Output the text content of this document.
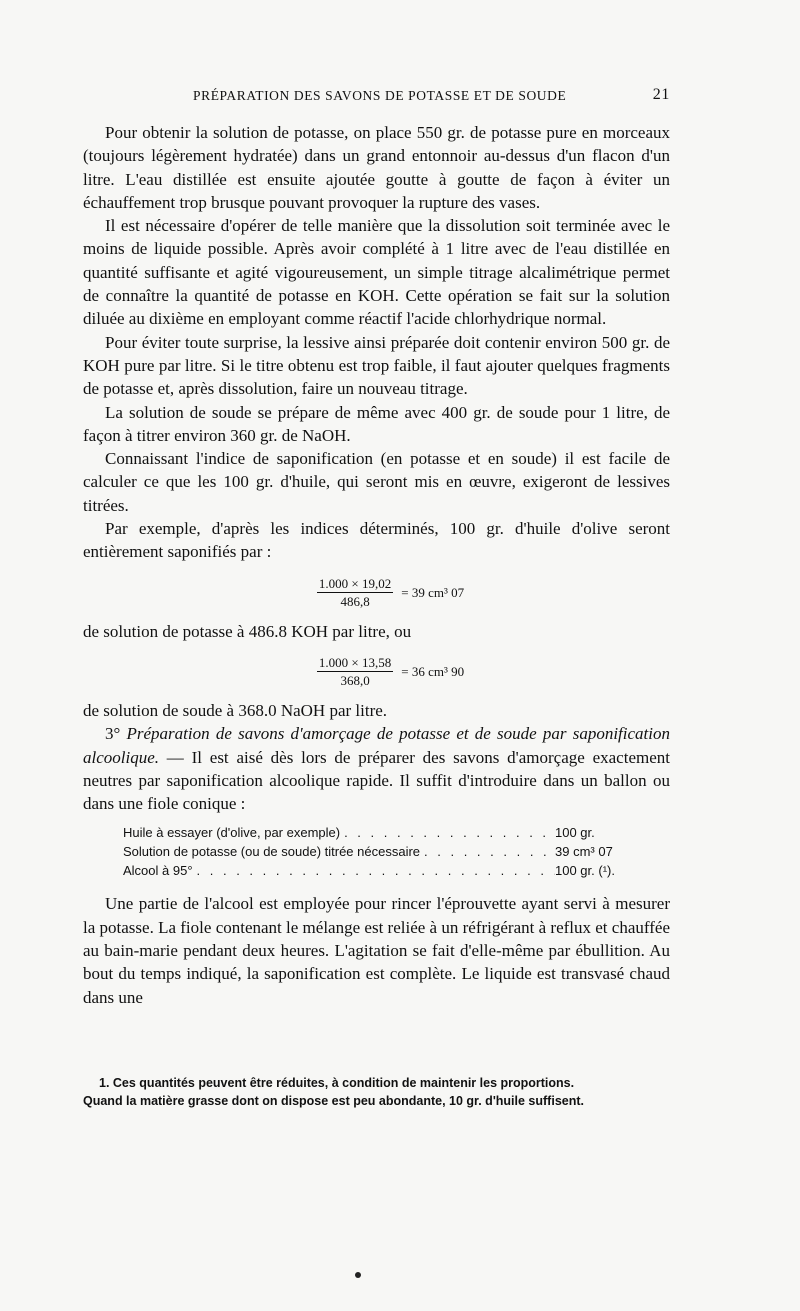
PRÉPARATION DES SAVONS DE POTASSE ET DE SOUDE	21

Pour obtenir la solution de potasse, on place 550 gr. de potasse pure en morceaux (toujours légèrement hydratée) dans un grand entonnoir au-dessus d'un flacon d'un litre. L'eau distillée est ensuite ajoutée goutte à goutte de façon à éviter un échauffement trop brusque pouvant provoquer la rupture des vases.

Il est nécessaire d'opérer de telle manière que la dissolution soit terminée avec le moins de liquide possible. Après avoir complété à 1 litre avec de l'eau distillée en quantité suffisante et agité vigoureusement, un simple titrage alcalimétrique permet de connaître la quantité de potasse en KOH. Cette opération se fait sur la solution diluée au dixième en employant comme réactif l'acide chlorhydrique normal.

Pour éviter toute surprise, la lessive ainsi préparée doit contenir environ 500 gr. de KOH pure par litre. Si le titre obtenu est trop faible, il faut ajouter quelques fragments de potasse et, après dissolution, faire un nouveau titrage.

La solution de soude se prépare de même avec 400 gr. de soude pour 1 litre, de façon à titrer environ 360 gr. de NaOH.

Connaissant l'indice de saponification (en potasse et en soude) il est facile de calculer ce que les 100 gr. d'huile, qui seront mis en œuvre, exigeront de lessives titrées.

Par exemple, d'après les indices déterminés, 100 gr. d'huile d'olive seront entièrement saponifiés par :

$\frac{1.000 \times 19,02}{486,8} = 39$ cm³ 07

de solution de potasse à 486.8 KOH par litre, ou

$\frac{1.000 \times 13,58}{368,0} = 36$ cm³ 90

de solution de soude à 368.0 NaOH par litre.

3° Préparation de savons d'amorçage de potasse et de soude par saponification alcoolique. — Il est aisé dès lors de préparer des savons d'amorçage exactement neutres par saponification alcoolique rapide. Il suffit d'introduire dans un ballon ou dans une fiole conique :

Huile à essayer (d'olive, par exemple) . . .	100 gr.
Solution de potasse (ou de soude) titrée nécessaire . . .	39 cm³ 07
Alcool à 95° . . .	100 gr. (¹).

Une partie de l'alcool est employée pour rincer l'éprouvette ayant servi à mesurer la potasse. La fiole contenant le mélange est reliée à un réfrigérant à reflux et chauffée au bain-marie pendant deux heures. L'agitation se fait d'elle-même par ébullition. Au bout du temps indiqué, la saponification est complète. Le liquide est transvasé chaud dans une

1. Ces quantités peuvent être réduites, à condition de maintenir les proportions.

Quand la matière grasse dont on dispose est peu abondante, 10 gr. d'huile suffisent.
